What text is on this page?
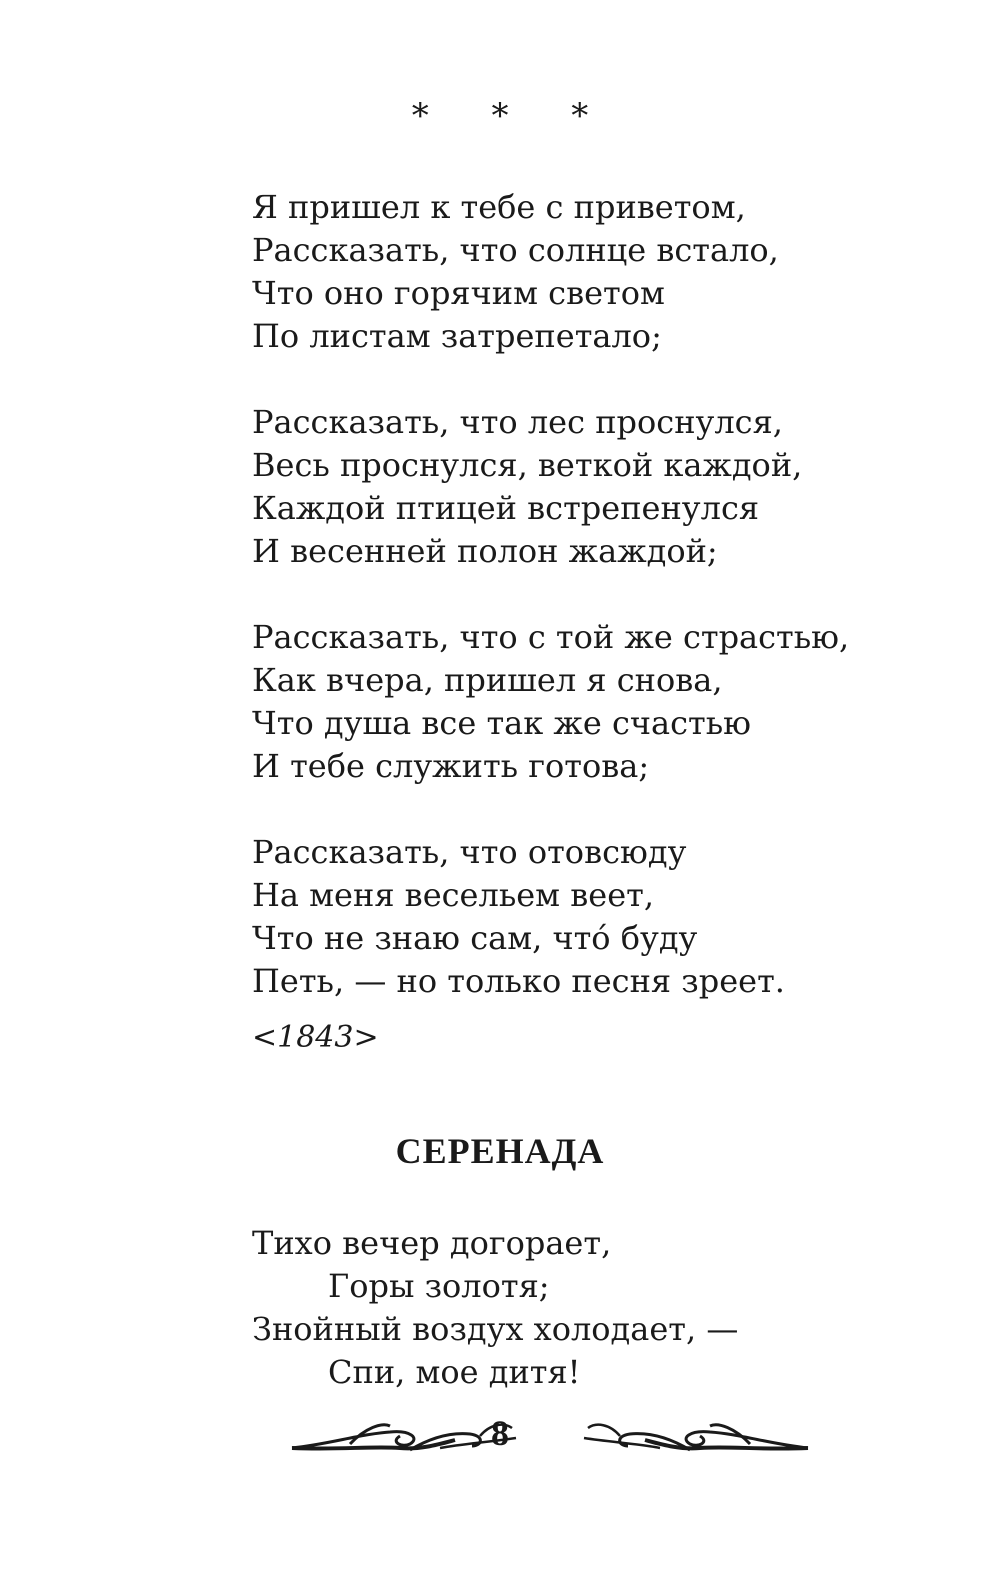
* * *
Я пришел к тебе с приветом,
Рассказать, что солнце встало,
Что оно горячим светом
По листам затрепетало;
Рассказать, что лес проснулся,
Весь проснулся, веткой каждой,
Каждой птицей встрепенулся
И весенней полон жаждой;
Рассказать, что с той же страстью,
Как вчера, пришел я снова,
Что душа все так же счастью
И тебе служить готова;
Рассказать, что отовсюду
На меня весельем веет,
Что не знаю сам, что́ буду
Петь, — но только песня зреет.
<1843>
СЕРЕНАДА
Тихо вечер догорает,
Горы золотя;
Знойный воздух холодает, —
Спи, мое дитя!
8
